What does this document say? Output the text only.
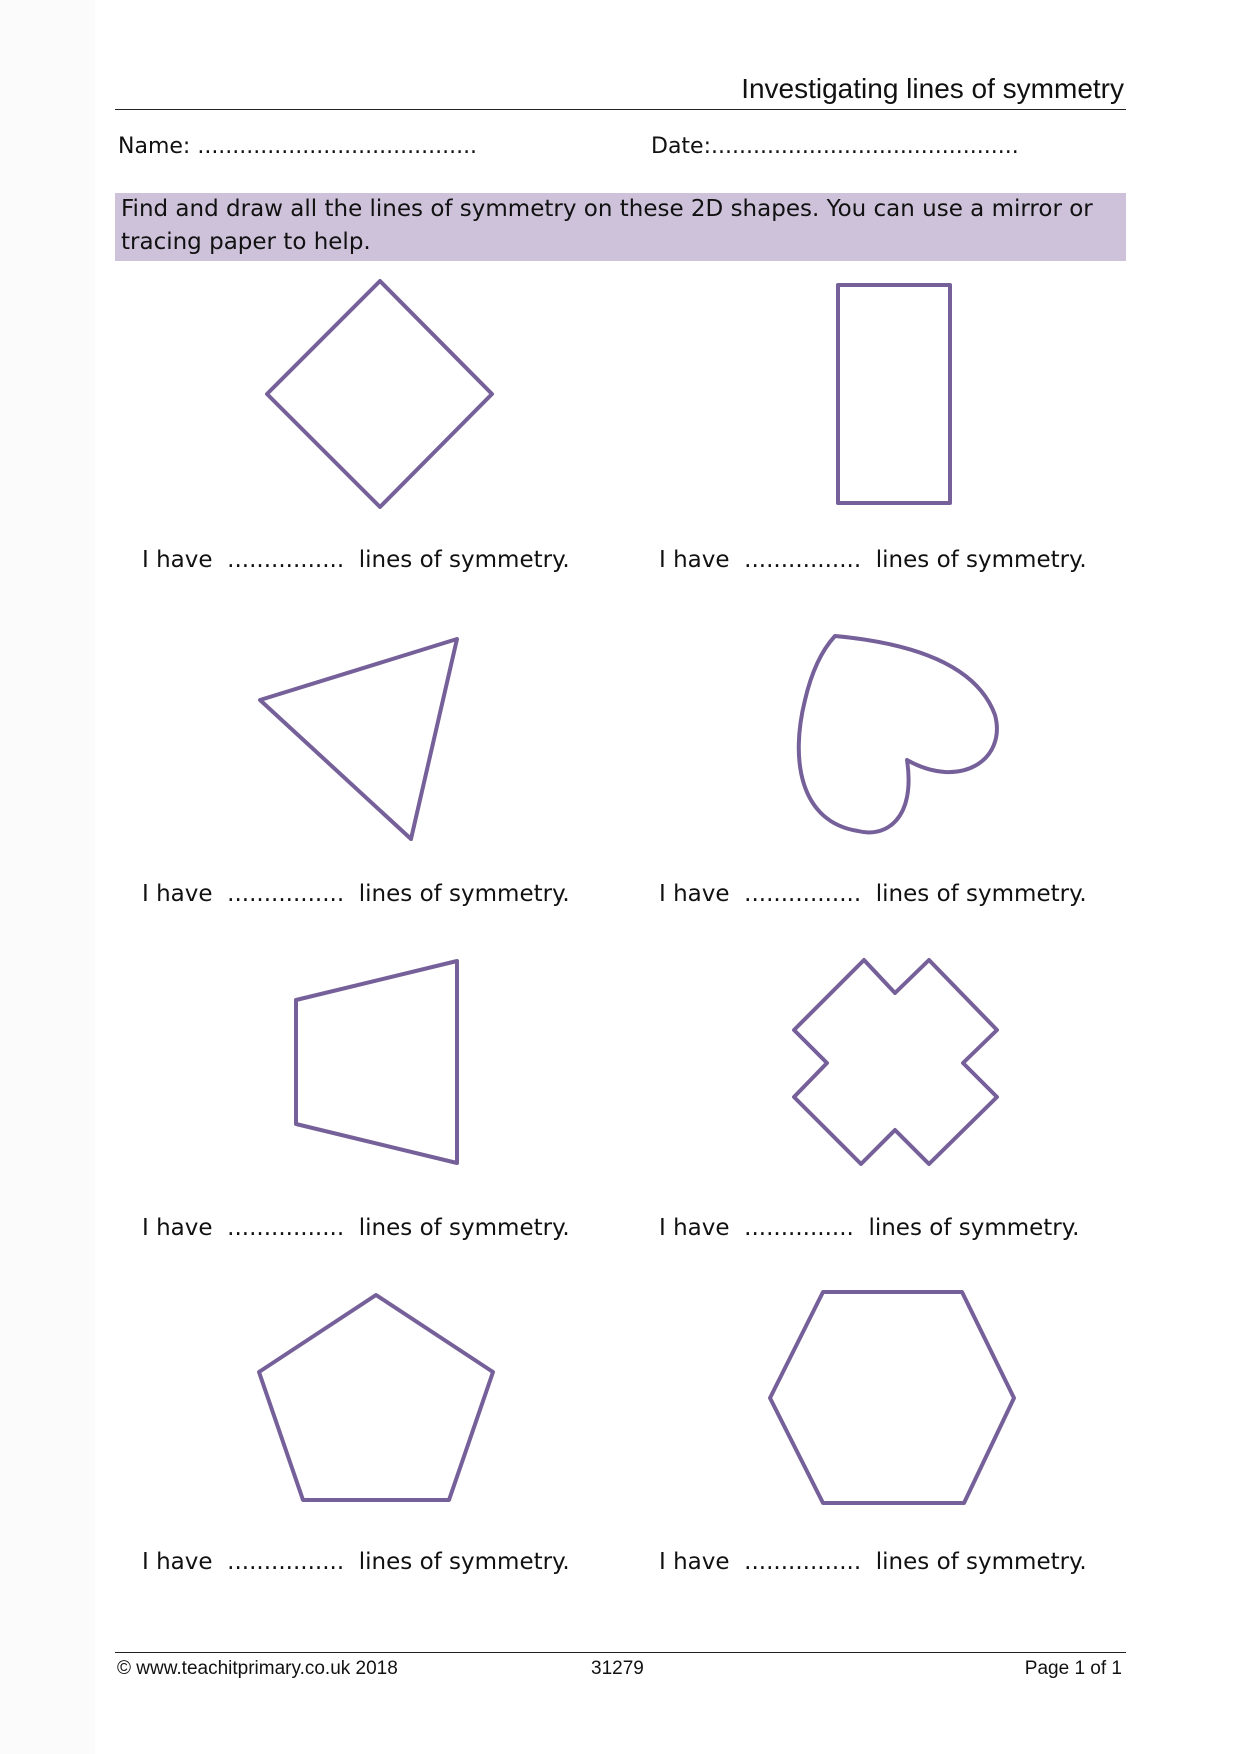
Investigating lines of symmetry
Name: ........................................	Date:............................................
Find and draw all the lines of symmetry on these 2D shapes. You can use a mirror or
tracing paper to help.
I have ................ lines of symmetry.	I have ................ lines of symmetry.
I have ................ lines of symmetry.	I have ................ lines of symmetry.
I have ................ lines of symmetry.	I have ............... lines of symmetry.
I have ................ lines of symmetry.	I have ................ lines of symmetry.
© www.teachitprimary.co.uk 2018	31279	Page 1 of 1
